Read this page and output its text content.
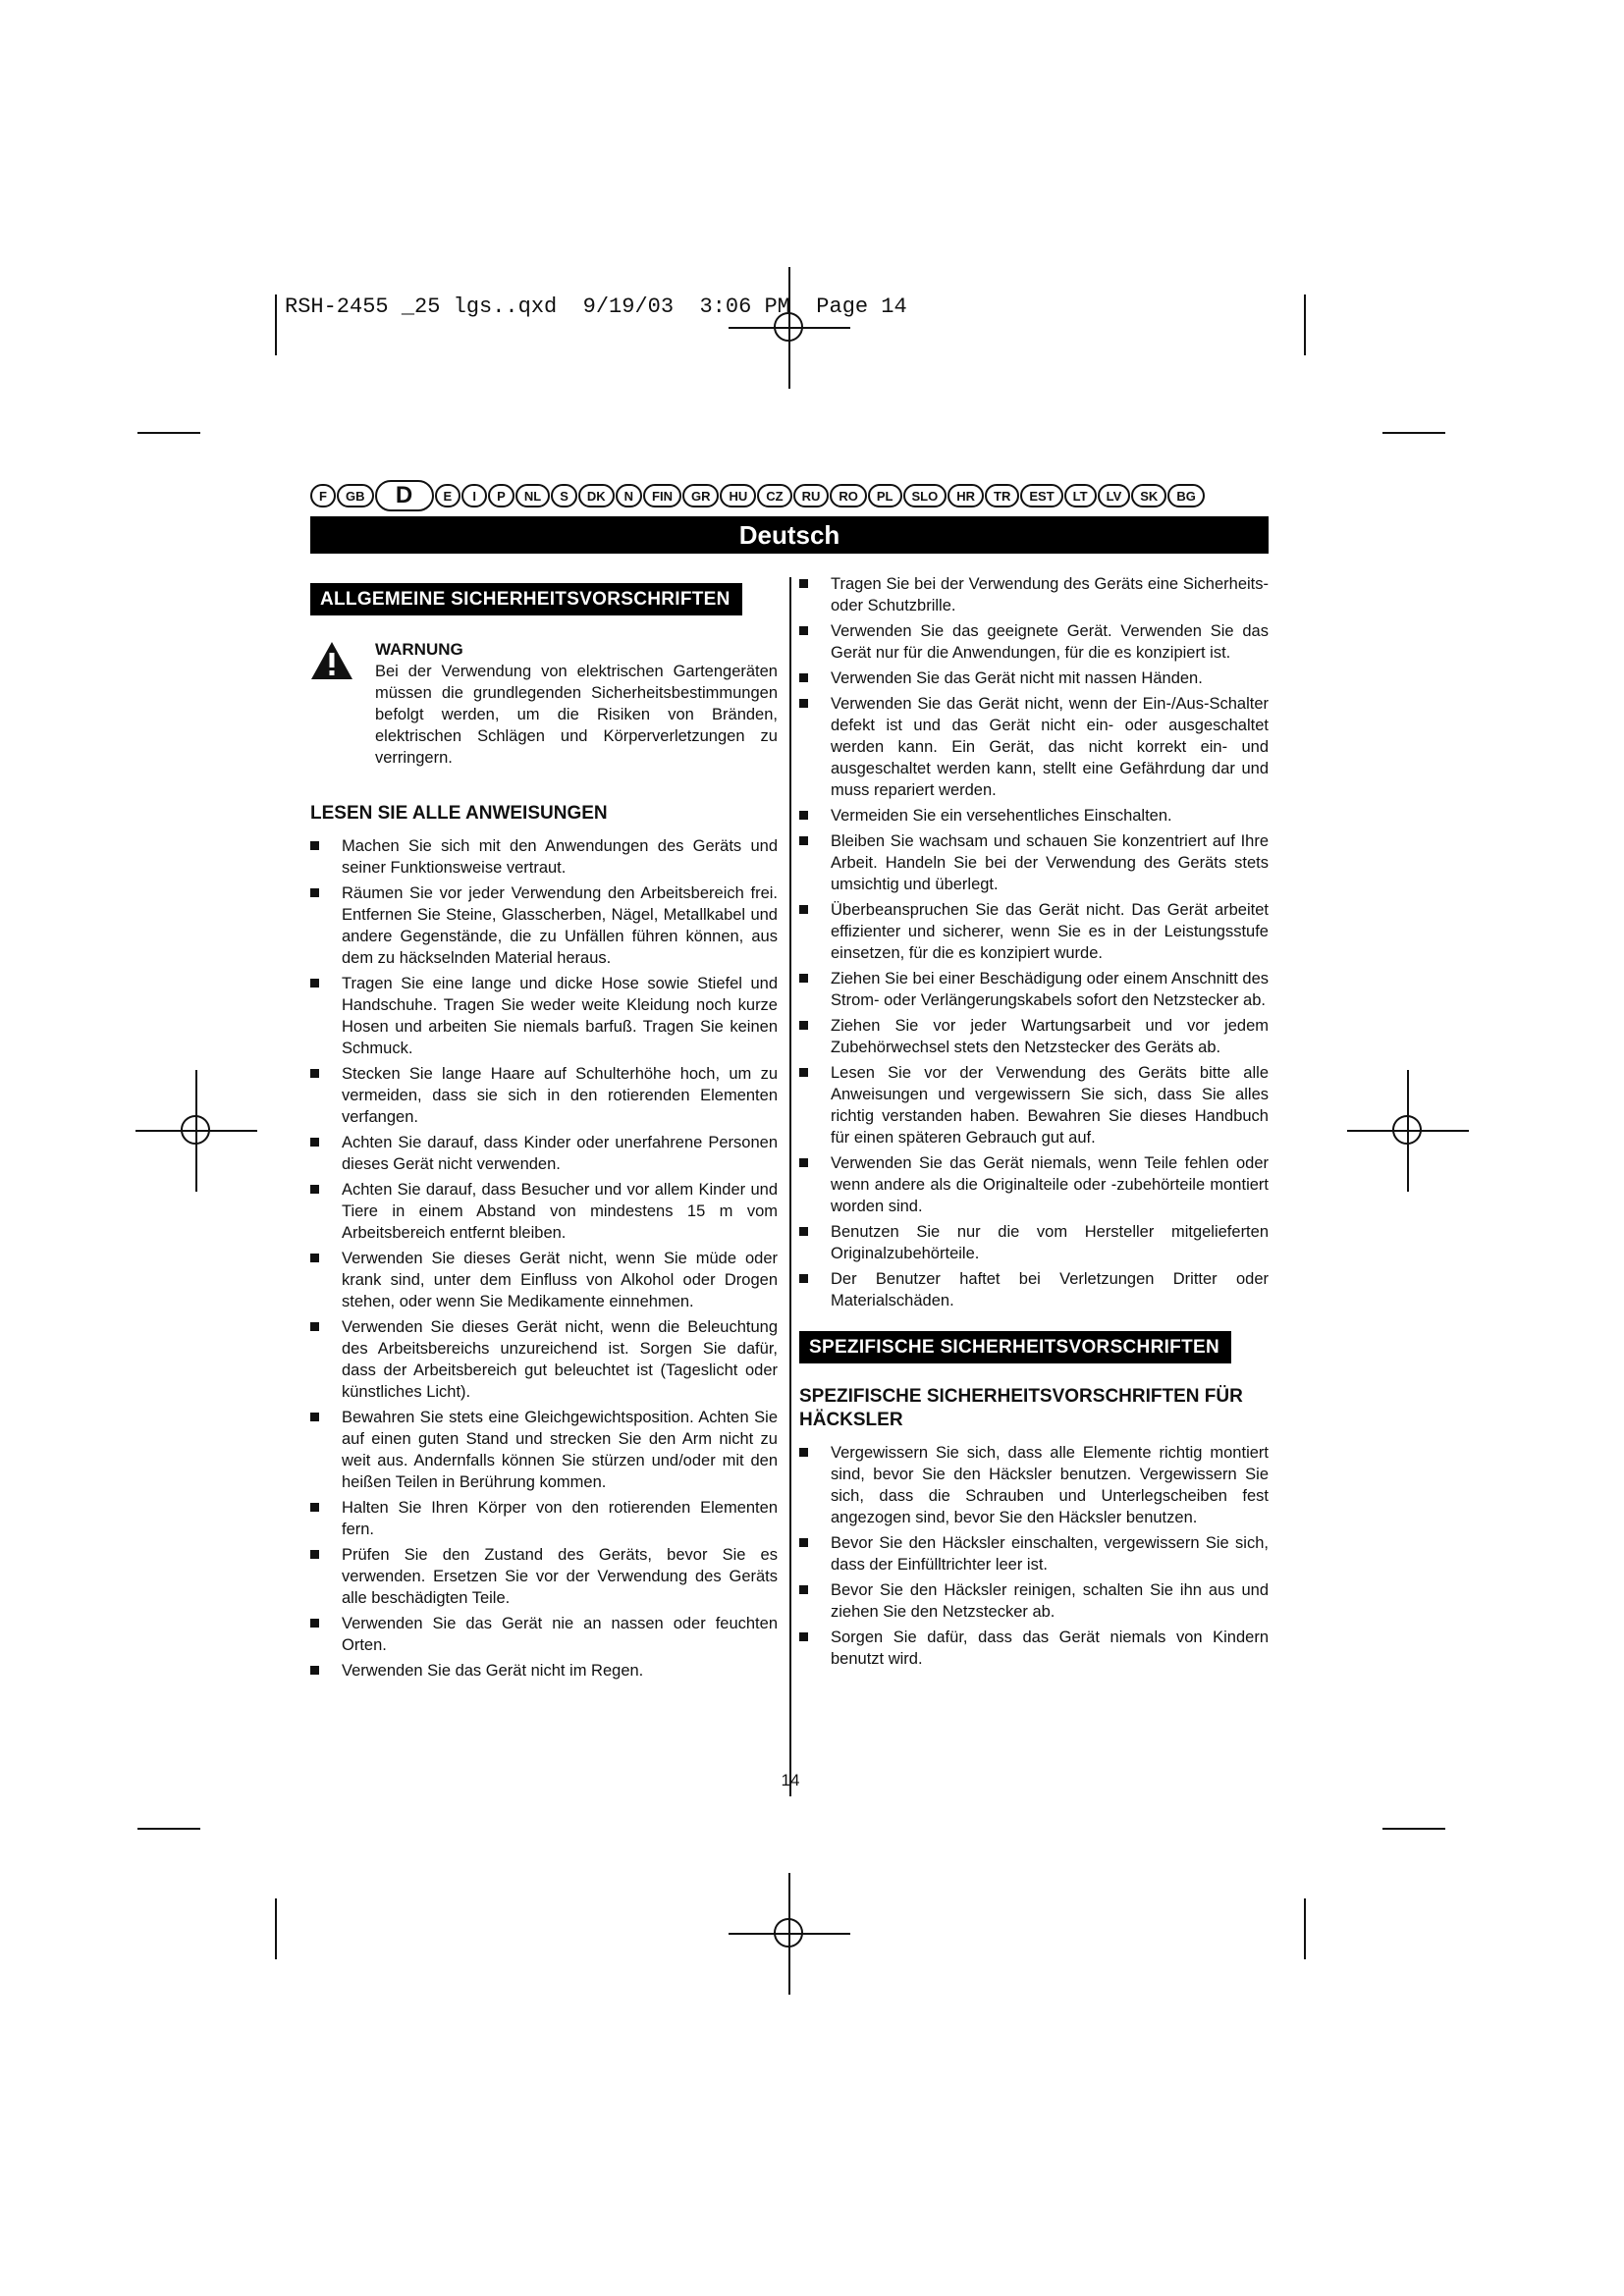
RSH-2455 _25 lgs..qxd  9/19/03  3:06 PM  Page 14
F	GB	D	E	I	P	NL	S	DK	N	FIN	GR	HU	CZ	RU	RO	PL	SLO	HR	TR	EST	LT	LV	SK	BG
Deutsch
ALLGEMEINE SICHERHEITSVORSCHRIFTEN
WARNUNG
Bei der Verwendung von elektrischen Gartengeräten müssen die grundlegenden Sicherheitsbestimmungen befolgt werden, um die Risiken von Bränden, elektrischen Schlägen und Körperverletzungen zu verringern.
LESEN SIE ALLE ANWEISUNGEN
Machen Sie sich mit den Anwendungen des Geräts und seiner Funktionsweise vertraut.
Räumen Sie vor jeder Verwendung den Arbeitsbereich frei. Entfernen Sie Steine, Glasscherben, Nägel, Metallkabel und andere Gegenstände, die zu Unfällen führen können, aus dem zu häckselnden Material heraus.
Tragen Sie eine lange und dicke Hose sowie Stiefel und Handschuhe. Tragen Sie weder weite Kleidung noch kurze Hosen und arbeiten Sie niemals barfuß. Tragen Sie keinen Schmuck.
Stecken Sie lange Haare auf Schulterhöhe hoch, um zu vermeiden, dass sie sich in den rotierenden Elementen verfangen.
Achten Sie darauf, dass Kinder oder unerfahrene Personen dieses Gerät nicht verwenden.
Achten Sie darauf, dass Besucher und vor allem Kinder und Tiere in einem Abstand von mindestens 15 m vom Arbeitsbereich entfernt bleiben.
Verwenden Sie dieses Gerät nicht, wenn Sie müde oder krank sind, unter dem Einfluss von Alkohol oder Drogen stehen, oder wenn Sie Medikamente einnehmen.
Verwenden Sie dieses Gerät nicht, wenn die Beleuchtung des Arbeitsbereichs unzureichend ist. Sorgen Sie dafür, dass der Arbeitsbereich gut beleuchtet ist (Tageslicht oder künstliches Licht).
Bewahren Sie stets eine Gleichgewichtsposition. Achten Sie auf einen guten Stand und strecken Sie den Arm nicht zu weit aus. Andernfalls können Sie stürzen und/oder mit den heißen Teilen in Berührung kommen.
Halten Sie Ihren Körper von den rotierenden Elementen fern.
Prüfen Sie den Zustand des Geräts, bevor Sie es verwenden. Ersetzen Sie vor der Verwendung des Geräts alle beschädigten Teile.
Verwenden Sie das Gerät nie an nassen oder feuchten Orten.
Verwenden Sie das Gerät nicht im Regen.
Tragen Sie bei der Verwendung des Geräts eine Sicherheits- oder Schutzbrille.
Verwenden Sie das geeignete Gerät. Verwenden Sie das Gerät nur für die Anwendungen, für die es konzipiert ist.
Verwenden Sie das Gerät nicht mit nassen Händen.
Verwenden Sie das Gerät nicht, wenn der Ein-/Aus-Schalter defekt ist und das Gerät nicht ein- oder ausgeschaltet werden kann. Ein Gerät, das nicht korrekt ein- und ausgeschaltet werden kann, stellt eine Gefährdung dar und muss repariert werden.
Vermeiden Sie ein versehentliches Einschalten.
Bleiben Sie wachsam und schauen Sie konzentriert auf Ihre Arbeit. Handeln Sie bei der Verwendung des Geräts stets umsichtig und überlegt.
Überbeanspruchen Sie das Gerät nicht. Das Gerät arbeitet effizienter und sicherer, wenn Sie es in der Leistungsstufe einsetzen, für die es konzipiert wurde.
Ziehen Sie bei einer Beschädigung oder einem Anschnitt des Strom- oder Verlängerungskabels sofort den Netzstecker ab.
Ziehen Sie vor jeder Wartungsarbeit und vor jedem Zubehörwechsel stets den Netzstecker des Geräts ab.
Lesen Sie vor der Verwendung des Geräts bitte alle Anweisungen und vergewissern Sie sich, dass Sie alles richtig verstanden haben. Bewahren Sie dieses Handbuch für einen späteren Gebrauch gut auf.
Verwenden Sie das Gerät niemals, wenn Teile fehlen oder wenn andere als die Originalteile oder -zubehörteile montiert worden sind.
Benutzen Sie nur die vom Hersteller mitgelieferten Originalzubehörteile.
Der Benutzer haftet bei Verletzungen Dritter oder Materialschäden.
SPEZIFISCHE SICHERHEITSVORSCHRIFTEN
SPEZIFISCHE SICHERHEITSVORSCHRIFTEN FÜR HÄCKSLER
Vergewissern Sie sich, dass alle Elemente richtig montiert sind, bevor Sie den Häcksler benutzen. Vergewissern Sie sich, dass die Schrauben und Unterlegscheiben fest angezogen sind, bevor Sie den Häcksler benutzen.
Bevor Sie den Häcksler einschalten, vergewissern Sie sich, dass der Einfülltrichter leer ist.
Bevor Sie den Häcksler reinigen, schalten Sie ihn aus und ziehen Sie den Netzstecker ab.
Sorgen Sie dafür, dass das Gerät niemals von Kindern benutzt wird.
14
